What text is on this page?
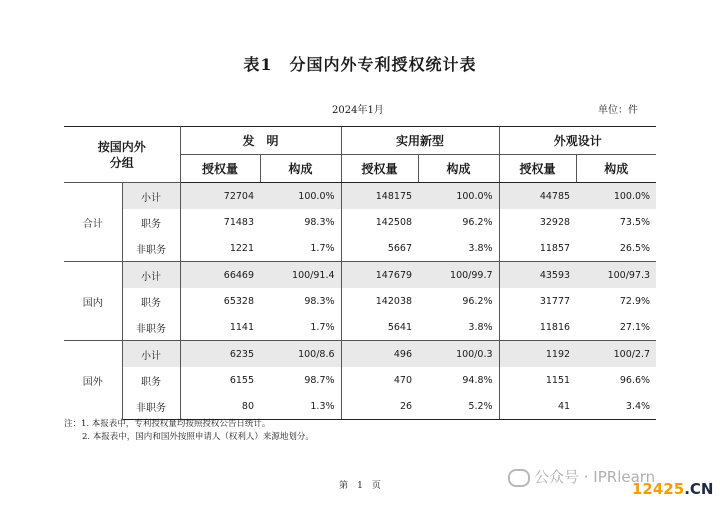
表1　分国内外专利授权统计表
2024年1月	单位：件
按国内外
分组		发　明		实用新型		外观设计	
		授权量	构成	授权量	构成	授权量	构成
合计	小计	72704	100.0%	148175	100.0%	44785	100.0%
	职务	71483	98.3%	142508	96.2%	32928	73.5%
	非职务	1221	1.7%	5667	3.8%	11857	26.5%
国内	小计	66469	100/91.4	147679	100/99.7	43593	100/97.3
	职务	65328	98.3%	142038	96.2%	31777	72.9%
	非职务	1141	1.7%	5641	3.8%	11816	27.1%
国外	小计	6235	100/8.6	496	100/0.3	1192	100/2.7
	职务	6155	98.7%	470	94.8%	1151	96.6%
	非职务	80	1.3%	26	5.2%	41	3.4%
注：1. 本报表中，专利授权量均按照授权公告日统计。
2. 本报表中，国内和国外按照申请人（权利人）来源地划分。
第　1　页	公众号 · IPRlearn
12425.CN
